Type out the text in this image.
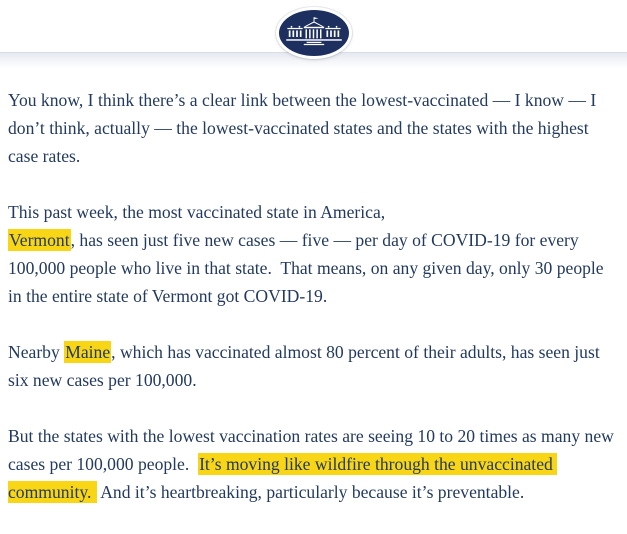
You know, I think there’s a clear link between the lowest-vaccinated — I know — I don’t think, actually — the lowest-vaccinated states and the states with the highest case rates.

This past week, the most vaccinated state in America,
Vermont, has seen just five new cases — five — per day of COVID-19 for every 100,000 people who live in that state.  That means, on any given day, only 30 people in the entire state of Vermont got COVID-19.

Nearby Maine, which has vaccinated almost 80 percent of their adults, has seen just six new cases per 100,000.

But the states with the lowest vaccination rates are seeing 10 to 20 times as many new cases per 100,000 people.  It’s moving like wildfire through the unvaccinated community.  And it’s heartbreaking, particularly because it’s preventable.
